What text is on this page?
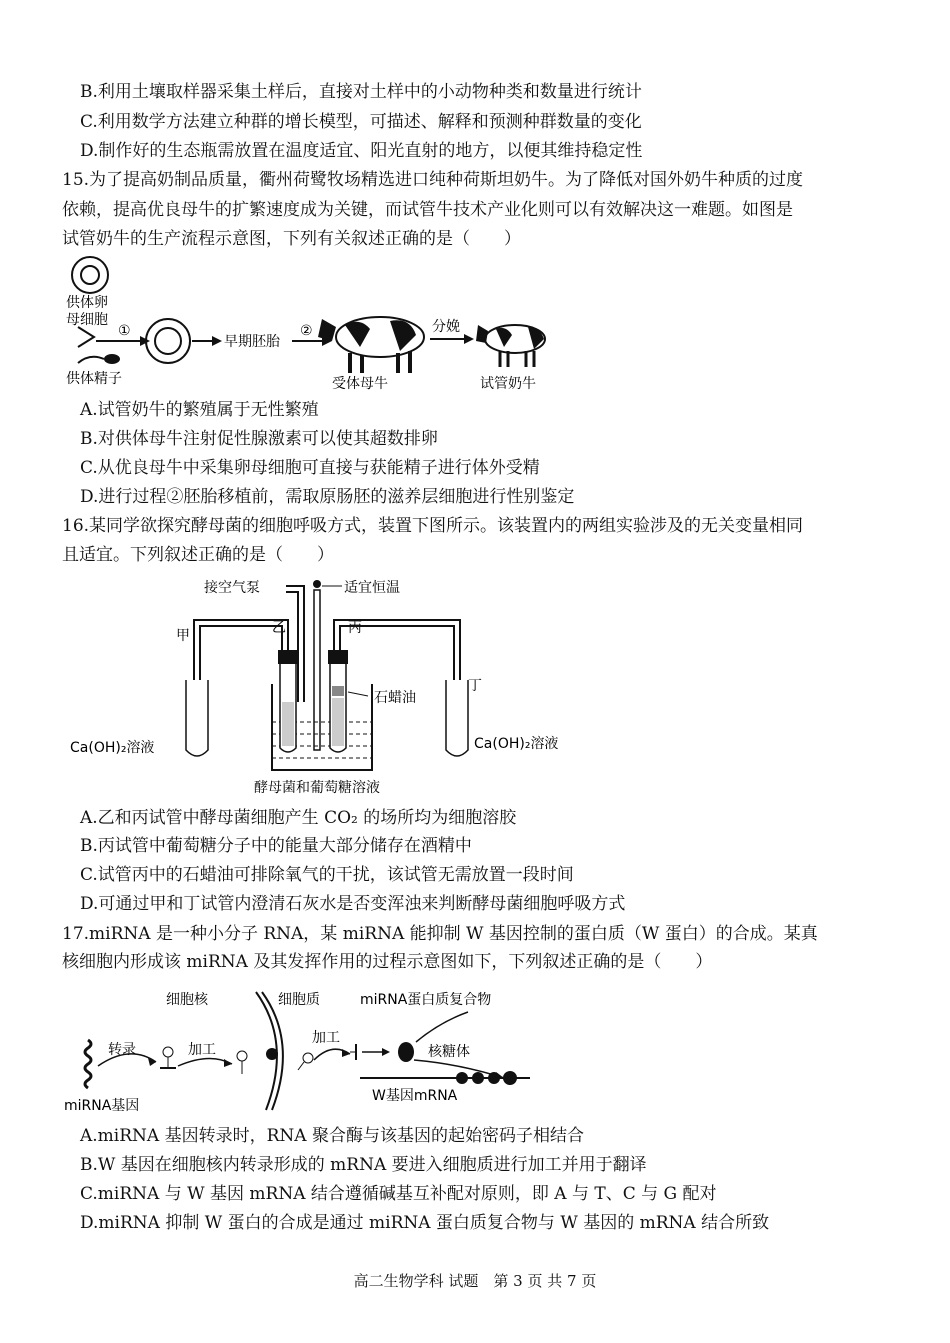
B.利用土壤取样器采集土样后，直接对土样中的小动物种类和数量进行统计
C.利用数学方法建立种群的增长模型，可描述、解释和预测种群数量的变化
D.制作好的生态瓶需放置在温度适宜、阳光直射的地方，以便其维持稳定性
15.为了提高奶制品质量，衢州荷鹭牧场精选进口纯种荷斯坦奶牛。为了降低对国外奶牛种质的过度
依赖，提高优良母牛的扩繁速度成为关键，而试管牛技术产业化则可以有效解决这一难题。如图是
试管奶牛的生产流程示意图，下列有关叙述正确的是（　　）
供体卵
母细胞
①
早期胚胎
②
受体母牛
分娩
试管奶牛
供体精子
A.试管奶牛的繁殖属于无性繁殖
B.对供体母牛注射促性腺激素可以使其超数排卵
C.从优良母牛中采集卵母细胞可直接与获能精子进行体外受精
D.进行过程②胚胎移植前，需取原肠胚的滋养层细胞进行性别鉴定
16.某同学欲探究酵母菌的细胞呼吸方式，装置下图所示。该装置内的两组实验涉及的无关变量相同
且适宜。下列叙述正确的是（　　）
接空气泵	适宜恒温
甲	乙	丙
丁
石蜡油
Ca(OH)₂溶液	Ca(OH)₂溶液
酵母菌和葡萄糖溶液
A.乙和丙试管中酵母菌细胞产生 CO₂ 的场所均为细胞溶胶
B.丙试管中葡萄糖分子中的能量大部分储存在酒精中
C.试管丙中的石蜡油可排除氧气的干扰，该试管无需放置一段时间
D.可通过甲和丁试管内澄清石灰水是否变浑浊来判断酵母菌细胞呼吸方式
17.miRNA 是一种小分子 RNA，某 miRNA 能抑制 W 基因控制的蛋白质（W 蛋白）的合成。某真
核细胞内形成该 miRNA 及其发挥作用的过程示意图如下，下列叙述正确的是（　　）
细胞核	细胞质	miRNA蛋白质复合物
转录	加工
加工
核糖体
W基因mRNA
miRNA基因
A.miRNA 基因转录时，RNA 聚合酶与该基因的起始密码子相结合
B.W 基因在细胞核内转录形成的 mRNA 要进入细胞质进行加工并用于翻译
C.miRNA 与 W 基因 mRNA 结合遵循碱基互补配对原则，即 A 与 T、C 与 G 配对
D.miRNA 抑制 W 蛋白的合成是通过 miRNA 蛋白质复合物与 W 基因的 mRNA 结合所致
高二生物学科 试题　第 3 页 共 7 页
